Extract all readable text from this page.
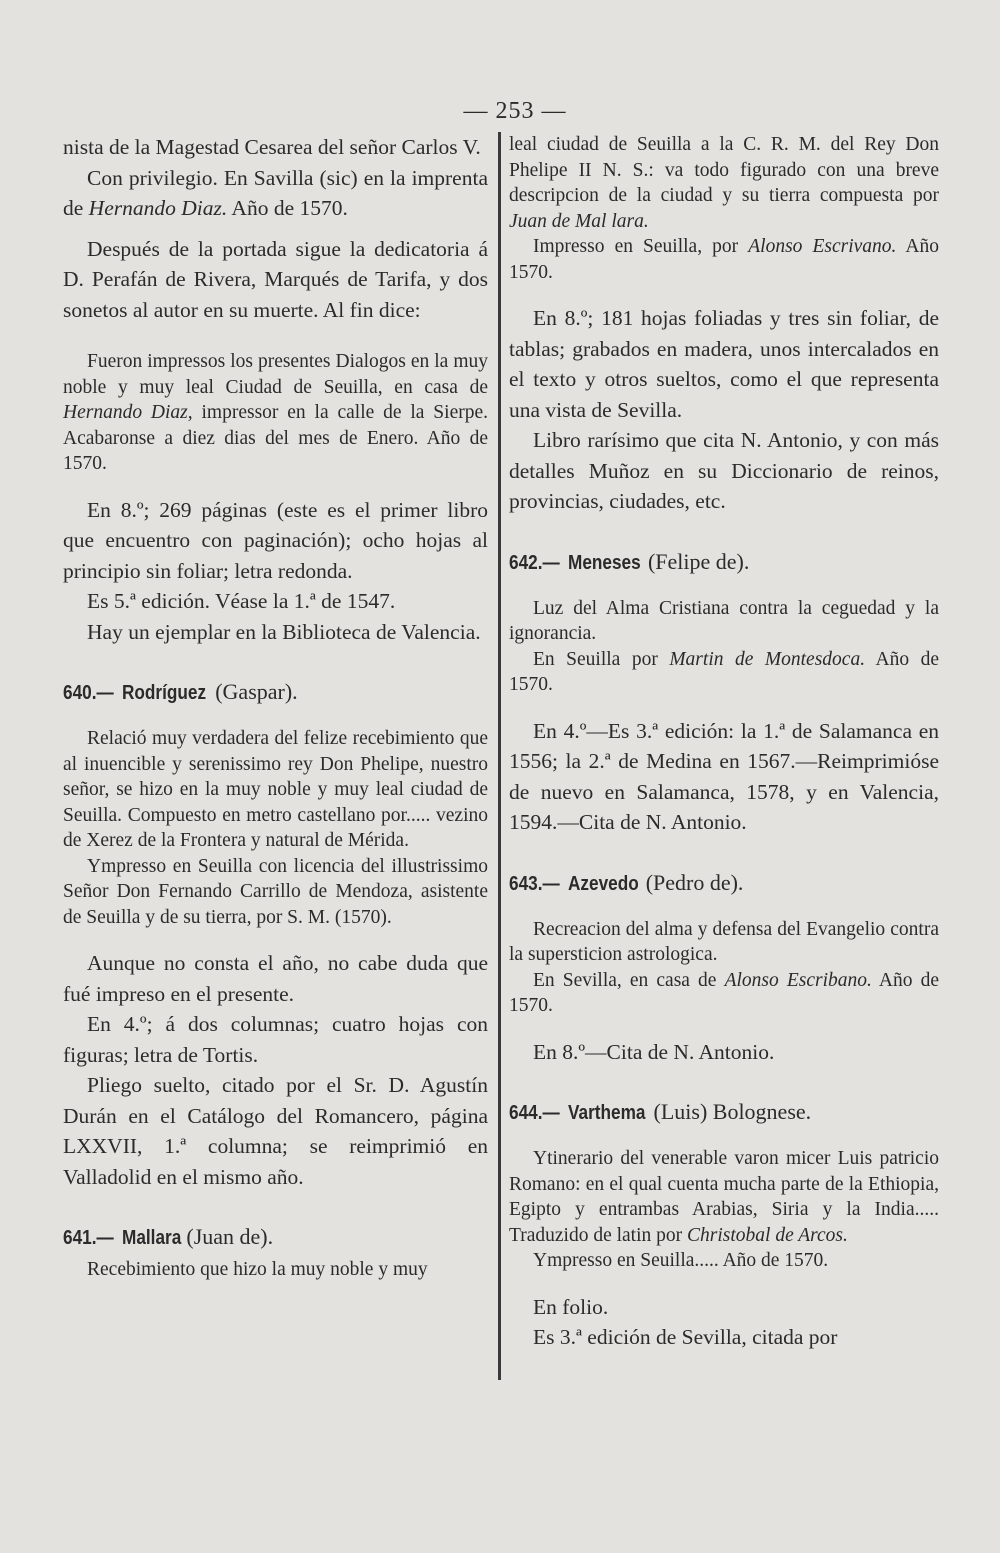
— 253 —

nista de la Magestad Cesarea del señor Carlos V.

Con privilegio. En Savilla (sic) en la imprenta de Hernando Diaz. Año de 1570.

Después de la portada sigue la dedicatoria á D. Perafán de Rivera, Marqués de Tarifa, y dos sonetos al autor en su muerte. Al fin dice:

Fueron impressos los presentes Dialogos en la muy noble y muy leal Ciudad de Seuilla, en casa de Hernando Diaz, impressor en la calle de la Sierpe. Acabaronse a diez dias del mes de Enero. Año de 1570.

En 8.º; 269 páginas (este es el primer libro que encuentro con paginación); ocho hojas al principio sin foliar; letra redonda.

Es 5.ª edición. Véase la 1.ª de 1547.

Hay un ejemplar en la Biblioteca de Valencia.

640.— Rodríguez (Gaspar).

Relació muy verdadera del felize recebimiento que al inuencible y serenissimo rey Don Phelipe, nuestro señor, se hizo en la muy noble y muy leal ciudad de Seuilla. Compuesto en metro castellano por..... vezino de Xerez de la Frontera y natural de Mérida.

Ympresso en Seuilla con licencia del illustrissimo Señor Don Fernando Carrillo de Mendoza, asistente de Seuilla y de su tierra, por S. M. (1570).

Aunque no consta el año, no cabe duda que fué impreso en el presente.

En 4.º; á dos columnas; cuatro hojas con figuras; letra de Tortis.

Pliego suelto, citado por el Sr. D. Agustín Durán en el Catálogo del Romancero, página LXXVII, 1.ª columna; se reimprimió en Valladolid en el mismo año.

641.— Mallara (Juan de).

Recebimiento que hizo la muy noble y muy

leal ciudad de Seuilla a la C. R. M. del Rey Don Phelipe II N. S.: va todo figurado con una breve descripcion de la ciudad y su tierra compuesta por Juan de Mal lara.

Impresso en Seuilla, por Alonso Escrivano. Año 1570.

En 8.º; 181 hojas foliadas y tres sin foliar, de tablas; grabados en madera, unos intercalados en el texto y otros sueltos, como el que representa una vista de Sevilla.

Libro rarísimo que cita N. Antonio, y con más detalles Muñoz en su Diccionario de reinos, provincias, ciudades, etc.

642.— Meneses (Felipe de).

Luz del Alma Cristiana contra la ceguedad y la ignorancia.

En Seuilla por Martin de Montesdoca. Año de 1570.

En 4.º—Es 3.ª edición: la 1.ª de Salamanca en 1556; la 2.ª de Medina en 1567.—Reimprimióse de nuevo en Salamanca, 1578, y en Valencia, 1594.—Cita de N. Antonio.

643.— Azevedo (Pedro de).

Recreacion del alma y defensa del Evangelio contra la supersticion astrologica.

En Sevilla, en casa de Alonso Escribano. Año de 1570.

En 8.º—Cita de N. Antonio.

644.— Varthema (Luis) Bolognese.

Ytinerario del venerable varon micer Luis patricio Romano: en el qual cuenta mucha parte de la Ethiopia, Egipto y entrambas Arabias, Siria y la India..... Traduzido de latin por Christobal de Arcos.

Ympresso en Seuilla..... Año de 1570.

En folio.

Es 3.ª edición de Sevilla, citada por
